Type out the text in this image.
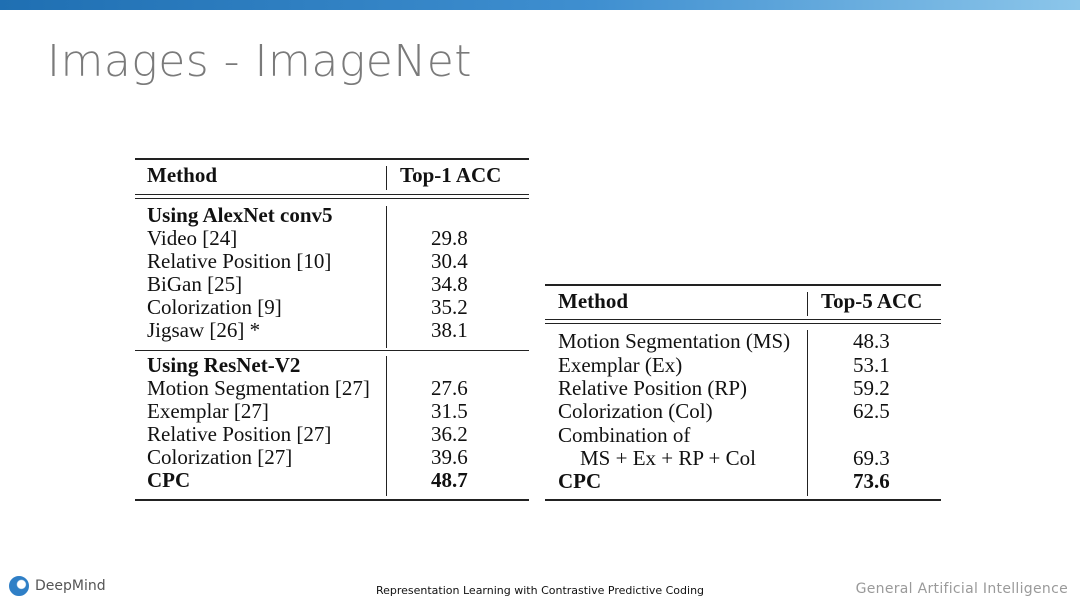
Images - ImageNet
Method	Top-1 ACC
Using AlexNet conv5
Video [24]	29.8
Relative Position [10]	30.4
BiGan [25]	34.8
Colorization [9]	35.2
Jigsaw [26] *	38.1
Using ResNet-V2
Motion Segmentation [27]	27.6
Exemplar [27]	31.5
Relative Position [27]	36.2
Colorization [27]	39.6
CPC	48.7
Method	Top-5 ACC
Motion Segmentation (MS)	48.3
Exemplar (Ex)	53.1
Relative Position (RP)	59.2
Colorization (Col)	62.5
Combination of
MS + Ex + RP + Col	69.3
CPC	73.6
DeepMind	Representation Learning with Contrastive Predictive Coding	General Artificial Intelligence
